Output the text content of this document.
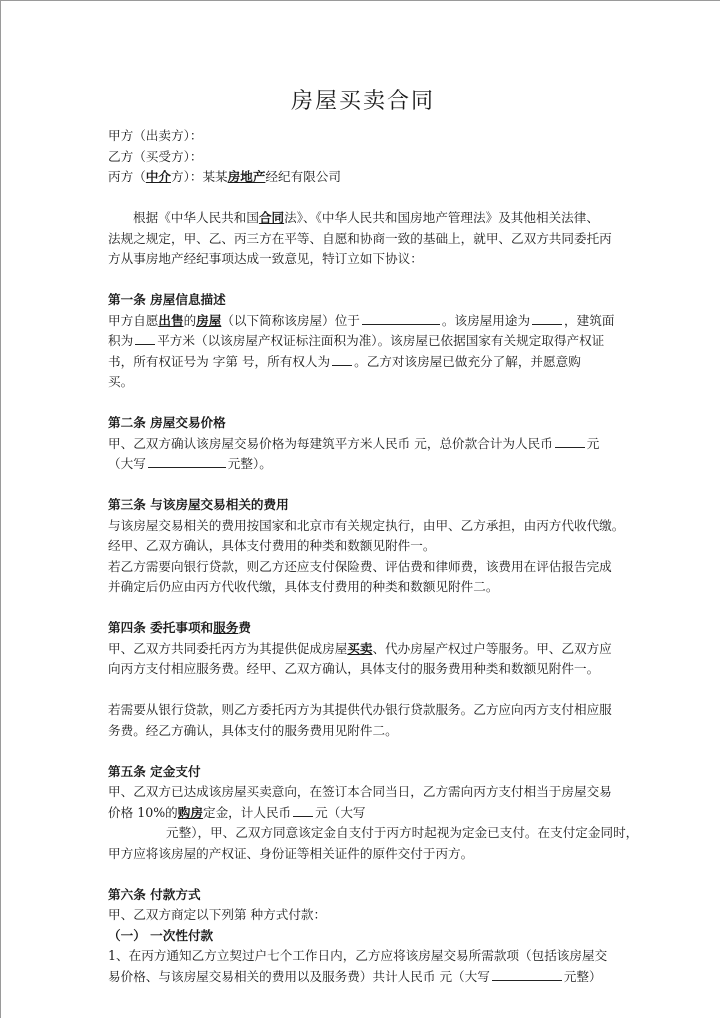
房屋买卖合同
甲方（出卖方）：
乙方（买受方）：
丙方（中介方）：某某房地产经纪有限公司
根据《中华人民共和国合同法》、《中华人民共和国房地产管理法》及其他相关法律、
法规之规定，甲、乙、丙三方在平等、自愿和协商一致的基础上，就甲、乙双方共同委托丙
方从事房地产经纪事项达成一致意见，特订立如下协议：
第一条 房屋信息描述
甲方自愿出售的房屋（以下简称该房屋）位于	。该房屋用途为	，建筑面
积为 平方米（以该房屋产权证标注面积为准）。该房屋已依据国家有关规定取得产权证
书，所有权证号为 字第 号，所有权人为 。乙方对该房屋已做充分了解，并愿意购
买。
第二条 房屋交易价格
甲、乙双方确认该房屋交易价格为每建筑平方米人民币 元，总价款合计为人民币	元
（大写	元整）。
第三条 与该房屋交易相关的费用
与该房屋交易相关的费用按国家和北京市有关规定执行，由甲、乙方承担，由丙方代收代缴。
经甲、乙双方确认，具体支付费用的种类和数额见附件一。
若乙方需要向银行贷款，则乙方还应支付保险费、评估费和律师费，该费用在评估报告完成
并确定后仍应由丙方代收代缴，具体支付费用的种类和数额见附件二。
第四条 委托事项和服务费
甲、乙双方共同委托丙方为其提供促成房屋买卖、代办房屋产权过户等服务。甲、乙双方应
向丙方支付相应服务费。经甲、乙双方确认，具体支付的服务费用种类和数额见附件一。
若需要从银行贷款，则乙方委托丙方为其提供代办银行贷款服务。乙方应向丙方支付相应服
务费。经乙方确认，具体支付的服务费用见附件二。
第五条 定金支付
甲、乙双方已达成该房屋买卖意向，在签订本合同当日，乙方需向丙方支付相当于房屋交易
价格 10%的购房定金，计人民币 元（大写
元整），甲、乙双方同意该定金自支付于丙方时起视为定金已支付。在支付定金同时，
甲方应将该房屋的产权证、身份证等相关证件的原件交付于丙方。
第六条 付款方式
甲、乙双方商定以下列第 种方式付款：
（一） 一次性付款
1、在丙方通知乙方立契过户七个工作日内，乙方应将该房屋交易所需款项（包括该房屋交
易价格、与该房屋交易相关的费用以及服务费）共计人民币 元（大写	元整）
